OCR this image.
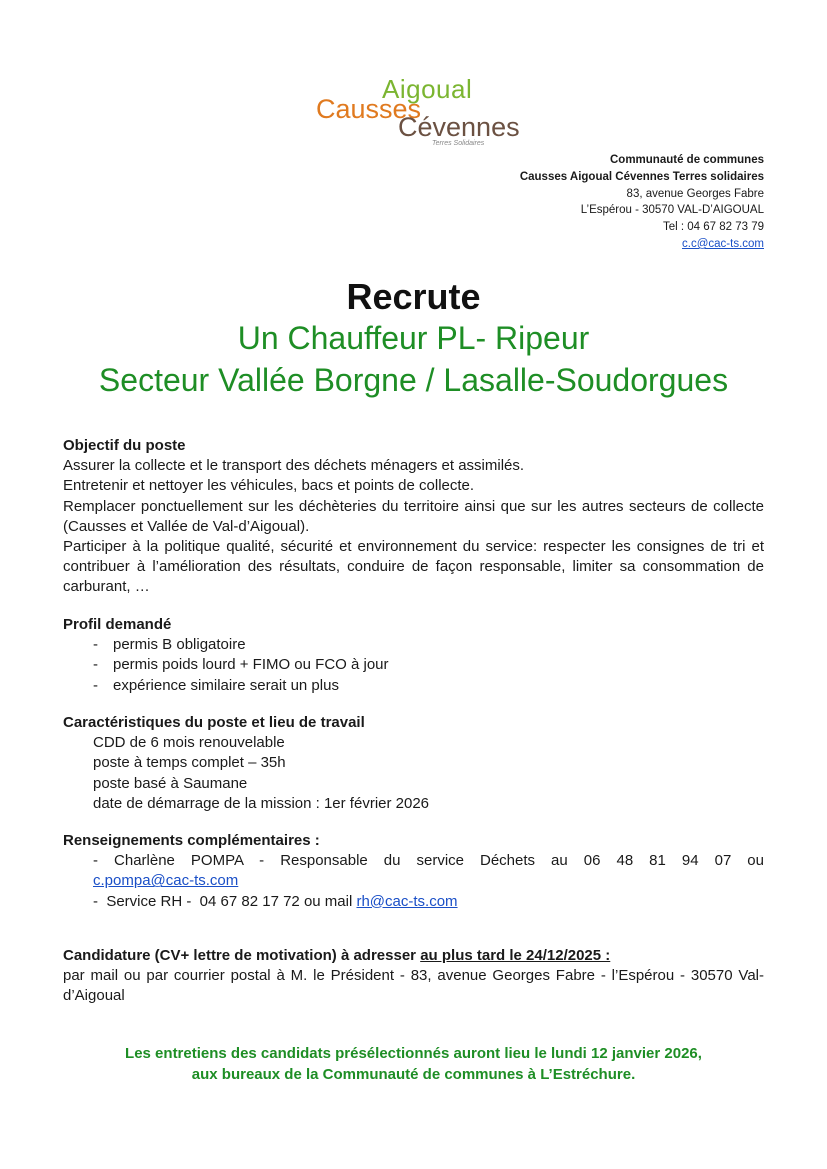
Aigoual
Causses
Cévennes
Terres Solidaires
Communauté de communes
Causses Aigoual Cévennes Terres solidaires
83, avenue Georges Fabre
L’Espérou - 30570 VAL-D’AIGOUAL
Tel : 04 67 82 73 79
c.c@cac-ts.com
Recrute
Un Chauffeur PL- Ripeur
Secteur Vallée Borgne / Lasalle-Soudorgues
Objectif du poste
Assurer la collecte et le transport des déchets ménagers et assimilés.
Entretenir et nettoyer les véhicules, bacs et points de collecte.
Remplacer ponctuellement sur les déchèteries du territoire ainsi que sur les autres secteurs de collecte (Causses et Vallée de Val-d’Aigoual).
Participer à la politique qualité, sécurité et environnement du service: respecter les consignes de tri et contribuer à l’amélioration des résultats, conduire de façon responsable, limiter sa consommation de carburant, …
Profil demandé
-	permis B obligatoire
-	permis poids lourd + FIMO ou FCO à jour
-	expérience similaire serait un plus
Caractéristiques du poste et lieu de travail
CDD de 6 mois renouvelable
poste à temps complet – 35h
poste basé à Saumane
date de démarrage de la mission : 1er février 2026
Renseignements complémentaires :
- Charlène POMPA - Responsable du service Déchets au 06 48 81 94 07 ou
c.pompa@cac-ts.com
-  Service RH -  04 67 82 17 72 ou mail rh@cac-ts.com
Candidature (CV+ lettre de motivation) à adresser au plus tard le 24/12/2025 :
par mail ou par courrier postal à M. le Président - 83, avenue Georges Fabre - l’Espérou - 30570 Val-d’Aigoual
Les entretiens des candidats présélectionnés auront lieu le lundi 12 janvier 2026,
aux bureaux de la Communauté de communes à L’Estréchure.
